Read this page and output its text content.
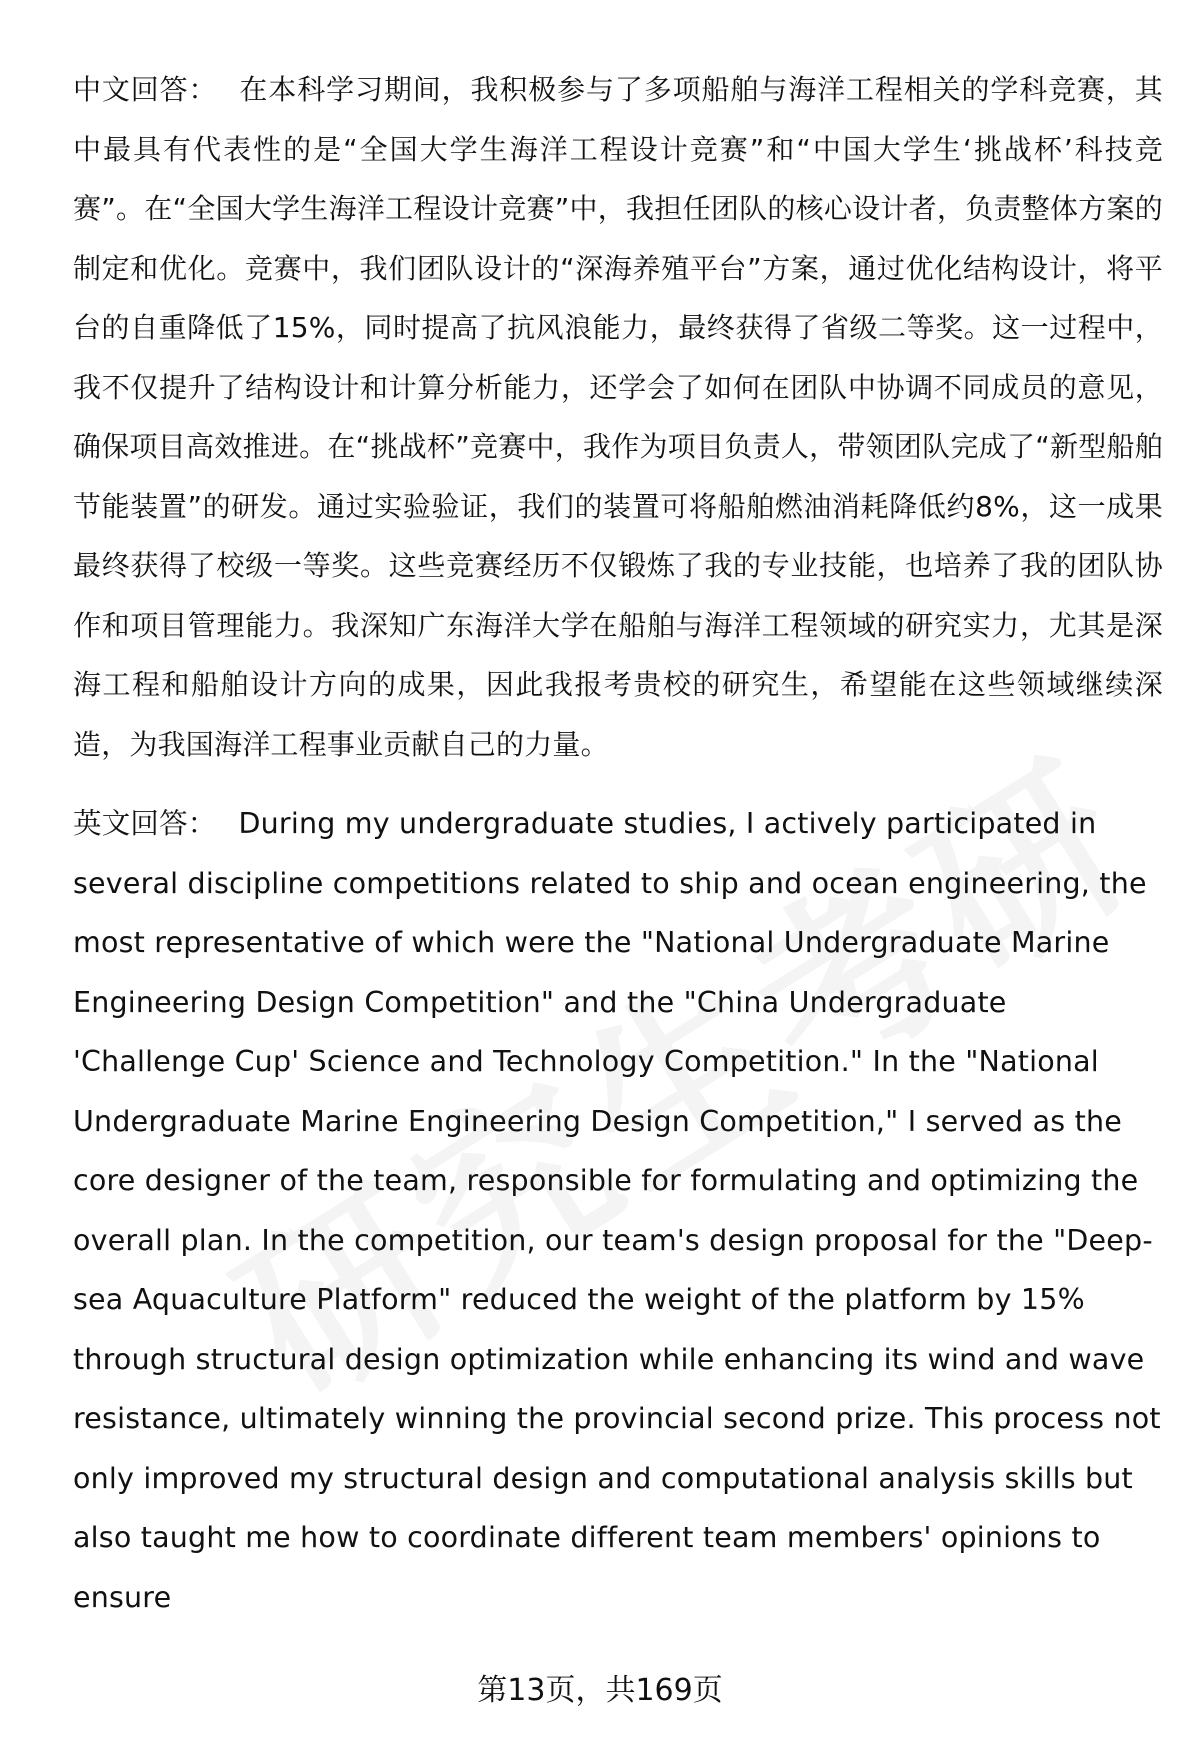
中文回答： 在本科学习期间，我积极参与了多项船舶与海洋工程相关的学科竞赛，其中最具有代表性的是“全国大学生海洋工程设计竞赛”和“中国大学生‘挑战杯’科技竞赛”。在“全国大学生海洋工程设计竞赛”中，我担任团队的核心设计者，负责整体方案的制定和优化。竞赛中，我们团队设计的“深海养殖平台”方案，通过优化结构设计，将平台的自重降低了15%，同时提高了抗风浪能力，最终获得了省级二等奖。这一过程中，我不仅提升了结构设计和计算分析能力，还学会了如何在团队中协调不同成员的意见，确保项目高效推进。在“挑战杯”竞赛中，我作为项目负责人，带领团队完成了“新型船舶节能装置”的研发。通过实验验证，我们的装置可将船舶燃油消耗降低约8%，这一成果最终获得了校级一等奖。这些竞赛经历不仅锻炼了我的专业技能，也培养了我的团队协作和项目管理能力。我深知广东海洋大学在船舶与海洋工程领域的研究实力，尤其是深海工程和船舶设计方向的成果，因此我报考贵校的研究生，希望能在这些领域继续深造，为我国海洋工程事业贡献自己的力量。

英文回答： During my undergraduate studies, I actively participated in several discipline competitions related to ship and ocean engineering, the most representative of which were the "National Undergraduate Marine Engineering Design Competition" and the "China Undergraduate 'Challenge Cup' Science and Technology Competition." In the "National Undergraduate Marine Engineering Design Competition," I served as the core designer of the team, responsible for formulating and optimizing the overall plan. In the competition, our team's design proposal for the "Deep-sea Aquaculture Platform" reduced the weight of the platform by 15% through structural design optimization while enhancing its wind and wave resistance, ultimately winning the provincial second prize. This process not only improved my structural design and computational analysis skills but also taught me how to coordinate different team members' opinions to ensure

第13页，共169页
